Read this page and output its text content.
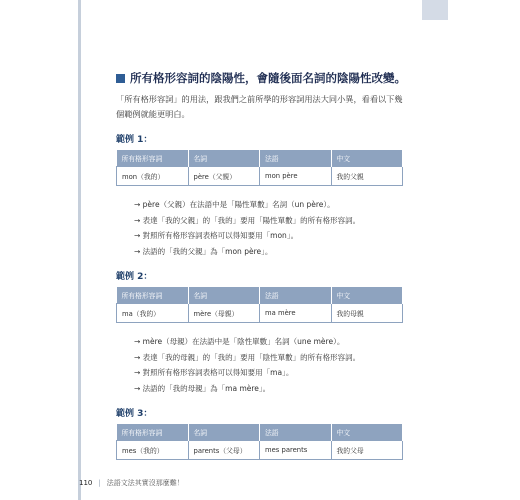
所有格形容詞的陰陽性，會隨後面名詞的陰陽性改變。

「所有格形容詞」的用法，跟我們之前所學的形容詞用法大同小異，看看以下幾個範例就能更明白。

範例 1：
所有格形容詞	名詞	法語	中文
mon（我的）	père（父親）	mon père	我的父親
→ père（父親）在法語中是「陽性單數」名詞（un père）。
→ 表達「我的父親」的「我的」要用「陽性單數」的所有格形容詞。
→ 對照所有格形容詞表格可以得知要用「mon」。
→ 法語的「我的父親」為「mon père」。
範例 2：
所有格形容詞	名詞	法語	中文
ma（我的）	mère（母親）	ma mère	我的母親
→ mère（母親）在法語中是「陰性單數」名詞（une mère）。
→ 表達「我的母親」的「我的」要用「陰性單數」的所有格形容詞。
→ 對照所有格形容詞表格可以得知要用「ma」。
→ 法語的「我的母親」為「ma mère」。
範例 3：
所有格形容詞	名詞	法語	中文
mes（我的）	parents（父母）	mes parents	我的父母
110 | 法語文法其實沒那麼難！
